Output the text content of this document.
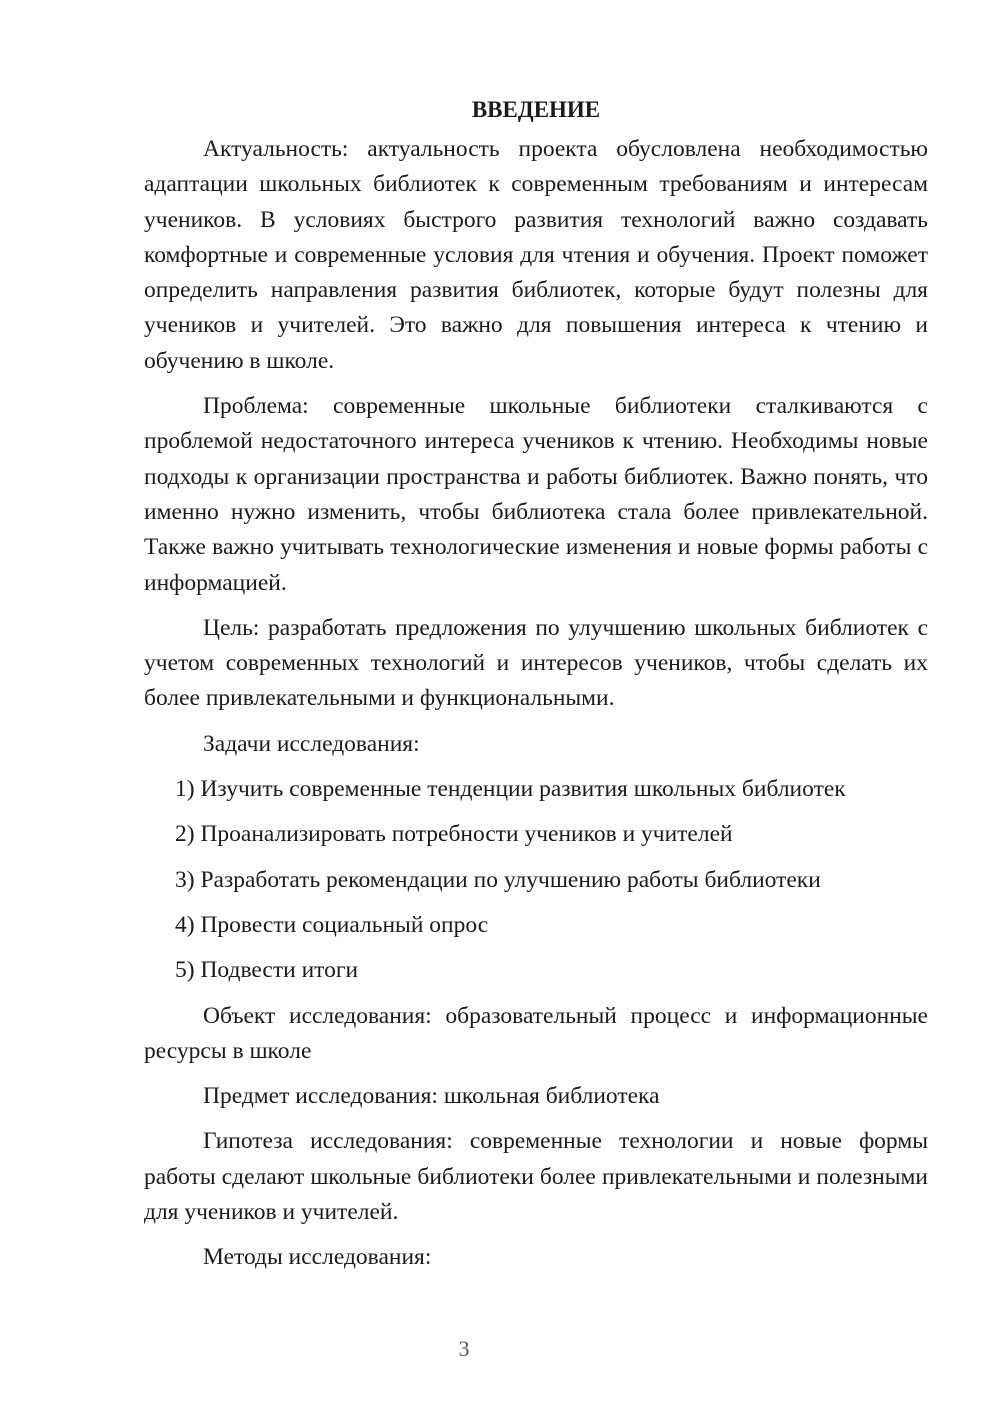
ВВЕДЕНИЕ

Актуальность: актуальность проекта обусловлена необходимостью адаптации школьных библиотек к современным требованиям и интересам учеников. В условиях быстрого развития технологий важно создавать комфортные и современные условия для чтения и обучения. Проект поможет определить направления развития библиотек, которые будут полезны для учеников и учителей. Это важно для повышения интереса к чтению и обучению в школе.

Проблема: современные школьные библиотеки сталкиваются с проблемой недостаточного интереса учеников к чтению. Необходимы новые подходы к организации пространства и работы библиотек. Важно понять, что именно нужно изменить, чтобы библиотека стала более привлекательной. Также важно учитывать технологические изменения и новые формы работы с информацией.

Цель: разработать предложения по улучшению школьных библиотек с учетом современных технологий и интересов учеников, чтобы сделать их более привлекательными и функциональными.

Задачи исследования:

1) Изучить современные тенденции развития школьных библиотек
2) Проанализировать потребности учеников и учителей
3) Разработать рекомендации по улучшению работы библиотеки
4) Провести социальный опрос
5) Подвести итоги

Объект исследования: образовательный процесс и информационные ресурсы в школе

Предмет исследования: школьная библиотека

Гипотеза исследования: современные технологии и новые формы работы сделают школьные библиотеки более привлекательными и полезными для учеников и учителей.

Методы исследования:

3
